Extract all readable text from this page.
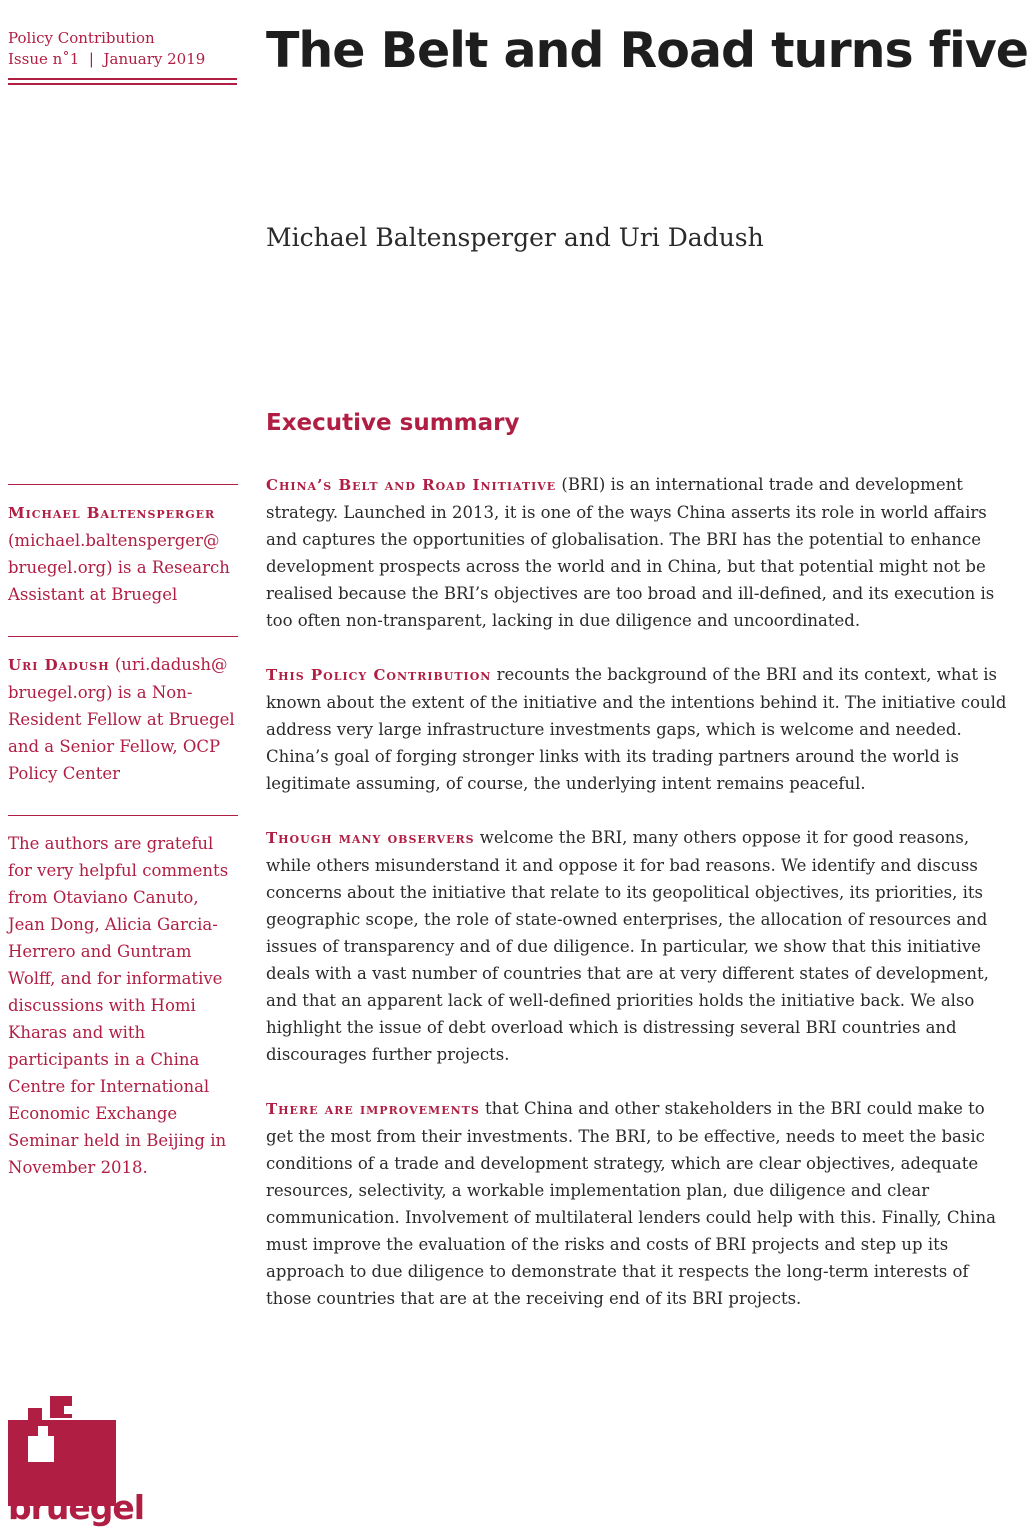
Policy Contribution
Issue n˚1  |  January 2019	The Belt and Road turns five

Michael Baltensperger and Uri Dadush

Executive summary
Michael Baltensperger
(michael.baltensperger@ bruegel.org) is a Research Assistant at Bruegel
Uri Dadush (uri.dadush@ bruegel.org) is a Non-Resident Fellow at Bruegel and a Senior Fellow, OCP Policy Center
The authors are grateful for very helpful comments from Otaviano Canuto, Jean Dong, Alicia Garcia-Herrero and Guntram Wolff, and for informative discussions with Homi Kharas and with participants in a China Centre for International Economic Exchange Seminar held in Beijing in November 2018.

China’s Belt and Road Initiative (BRI) is an international trade and development strategy. Launched in 2013, it is one of the ways China asserts its role in world affairs and captures the opportunities of globalisation. The BRI has the potential to enhance development prospects across the world and in China, but that potential might not be realised because the BRI’s objectives are too broad and ill-defined, and its execution is too often non-transparent, lacking in due diligence and uncoordinated.

This Policy Contribution recounts the background of the BRI and its context, what is known about the extent of the initiative and the intentions behind it. The initiative could address very large infrastructure investments gaps, which is welcome and needed. China’s goal of forging stronger links with its trading partners around the world is legitimate assuming, of course, the underlying intent remains peaceful.

Though many observers welcome the BRI, many others oppose it for good reasons, while others misunderstand it and oppose it for bad reasons. We identify and discuss concerns about the initiative that relate to its geopolitical objectives, its priorities, its geographic scope, the role of state-owned enterprises, the allocation of resources and issues of transparency and of due diligence. In particular, we show that this initiative deals with a vast number of countries that are at very different states of development, and that an apparent lack of well-defined priorities holds the initiative back. We also highlight the issue of debt overload which is distressing several BRI countries and discourages further projects.

There are improvements that China and other stakeholders in the BRI could make to get the most from their investments. The BRI, to be effective, needs to meet the basic conditions of a trade and development strategy, which are clear objectives, adequate resources, selectivity, a workable implementation plan, due diligence and clear communication. Involvement of multilateral lenders could help with this. Finally, China must improve the evaluation of the risks and costs of BRI projects and step up its approach to due diligence to demonstrate that it respects the long-term interests of those countries that are at the receiving end of its BRI projects.

bruegel
